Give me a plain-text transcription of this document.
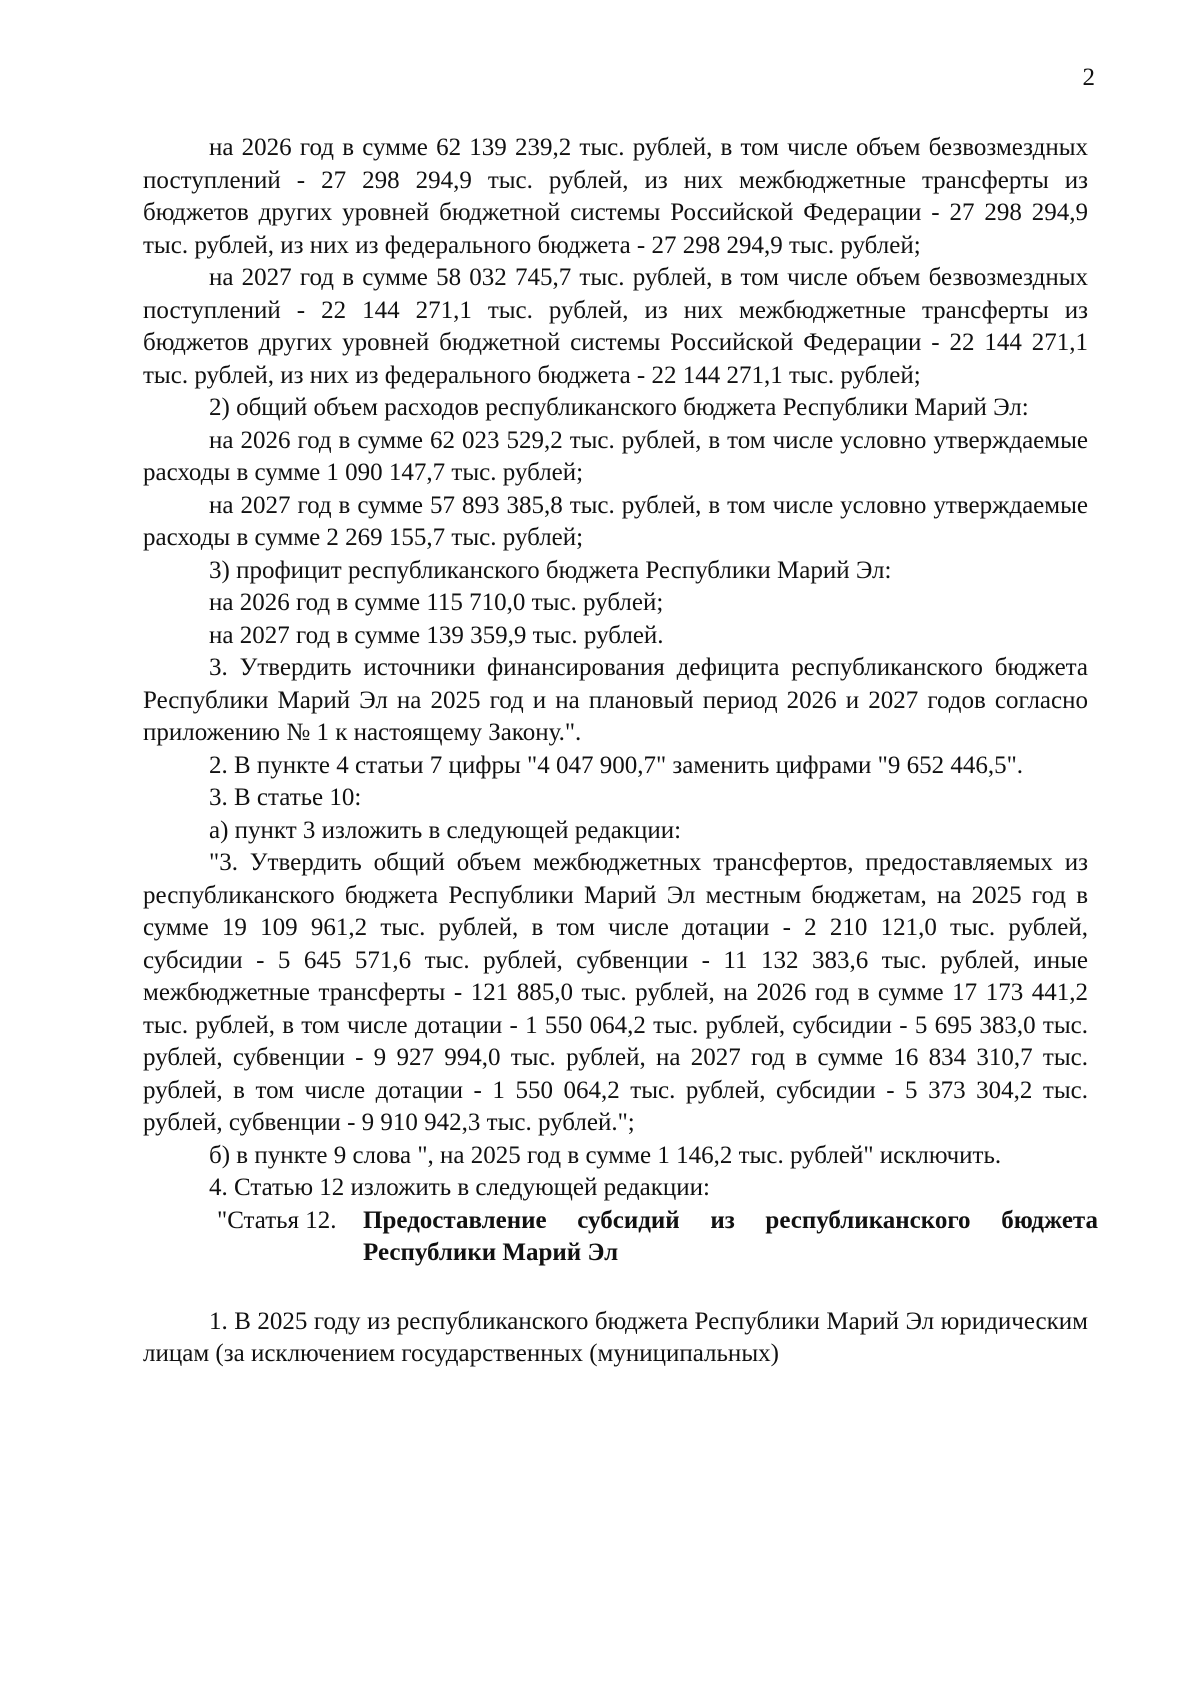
2

на 2026 год в сумме 62 139 239,2 тыс. рублей, в том числе объем безвозмездных поступлений - 27 298 294,9 тыс. рублей, из них межбюджетные трансферты из бюджетов других уровней бюджетной системы Российской Федерации - 27 298 294,9 тыс. рублей, из них из федерального бюджета - 27 298 294,9 тыс. рублей;

на 2027 год в сумме 58 032 745,7 тыс. рублей, в том числе объем безвозмездных поступлений - 22 144 271,1 тыс. рублей, из них межбюджетные трансферты из бюджетов других уровней бюджетной системы Российской Федерации - 22 144 271,1 тыс. рублей, из них из федерального бюджета - 22 144 271,1 тыс. рублей;

2) общий объем расходов республиканского бюджета Республики Марий Эл:

на 2026 год в сумме 62 023 529,2 тыс. рублей, в том числе условно утверждаемые расходы в сумме 1 090 147,7 тыс. рублей;

на 2027 год в сумме 57 893 385,8 тыс. рублей, в том числе условно утверждаемые расходы в сумме 2 269 155,7 тыс. рублей;

3) профицит республиканского бюджета Республики Марий Эл:

на 2026 год в сумме 115 710,0 тыс. рублей;

на 2027 год в сумме 139 359,9 тыс. рублей.

3. Утвердить источники финансирования дефицита республиканского бюджета Республики Марий Эл на 2025 год и на плановый период 2026 и 2027 годов согласно приложению № 1 к настоящему Закону.".

2. В пункте 4 статьи 7 цифры "4 047 900,7" заменить цифрами "9 652 446,5".

3. В статье 10:

а) пункт 3 изложить в следующей редакции:

"3. Утвердить общий объем межбюджетных трансфертов, предоставляемых из республиканского бюджета Республики Марий Эл местным бюджетам, на 2025 год в сумме 19 109 961,2 тыс. рублей, в том числе дотации - 2 210 121,0 тыс. рублей, субсидии - 5 645 571,6 тыс. рублей, субвенции - 11 132 383,6 тыс. рублей, иные межбюджетные трансферты - 121 885,0 тыс. рублей, на 2026 год в сумме 17 173 441,2 тыс. рублей, в том числе дотации - 1 550 064,2 тыс. рублей, субсидии - 5 695 383,0 тыс. рублей, субвенции - 9 927 994,0 тыс. рублей, на 2027 год в сумме 16 834 310,7 тыс. рублей, в том числе дотации - 1 550 064,2 тыс. рублей, субсидии - 5 373 304,2 тыс. рублей, субвенции - 9 910 942,3 тыс. рублей.";

б) в пункте 9 слова ", на 2025 год в сумме 1 146,2 тыс. рублей" исключить.

4. Статью 12 изложить в следующей редакции:

"Статья 12.	Предоставление субсидий из республиканского бюджета Республики Марий Эл

1. В 2025 году из республиканского бюджета Республики Марий Эл юридическим лицам (за исключением государственных (муниципальных)
